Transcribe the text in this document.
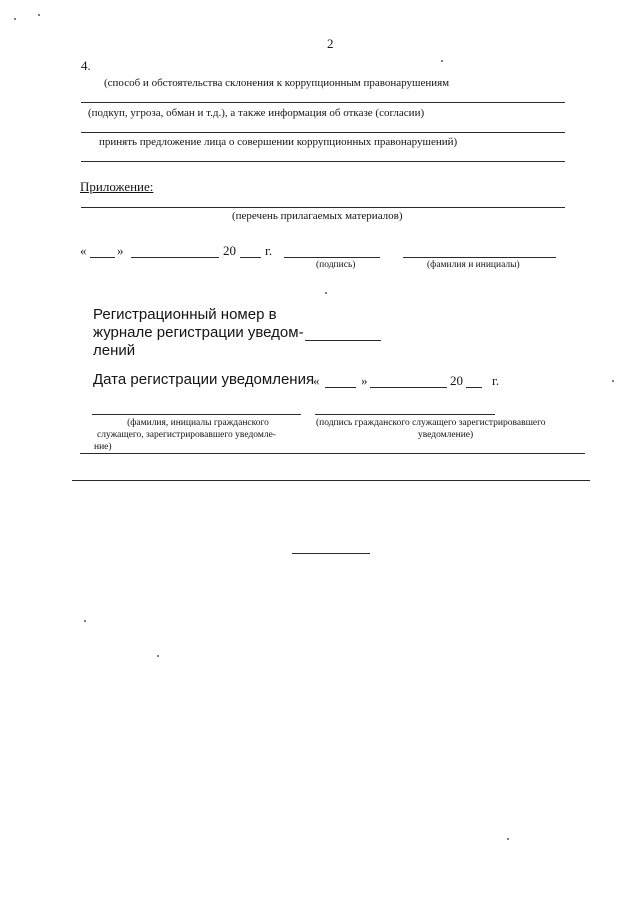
2
4.
(способ и обстоятельства склонения к коррупционным правонарушениям
(подкуп, угроза, обман и т.д.), а также информация об отказе (согласии)
принять предложение лица о совершении коррупционных правонарушений)
Приложение:
(перечень прилагаемых материалов)
« »	20 г.
(подпись)	(фамилия и инициалы)
Регистрационный номер в
журнале регистрации уведом-
лений
Дата регистрации уведомления
«	»	20 г.
(фамилия, инициалы гражданского
служащего, зарегистрировавшего уведомле-
ние)
(подпись гражданского служащего зарегистрировавшего
уведомление)
